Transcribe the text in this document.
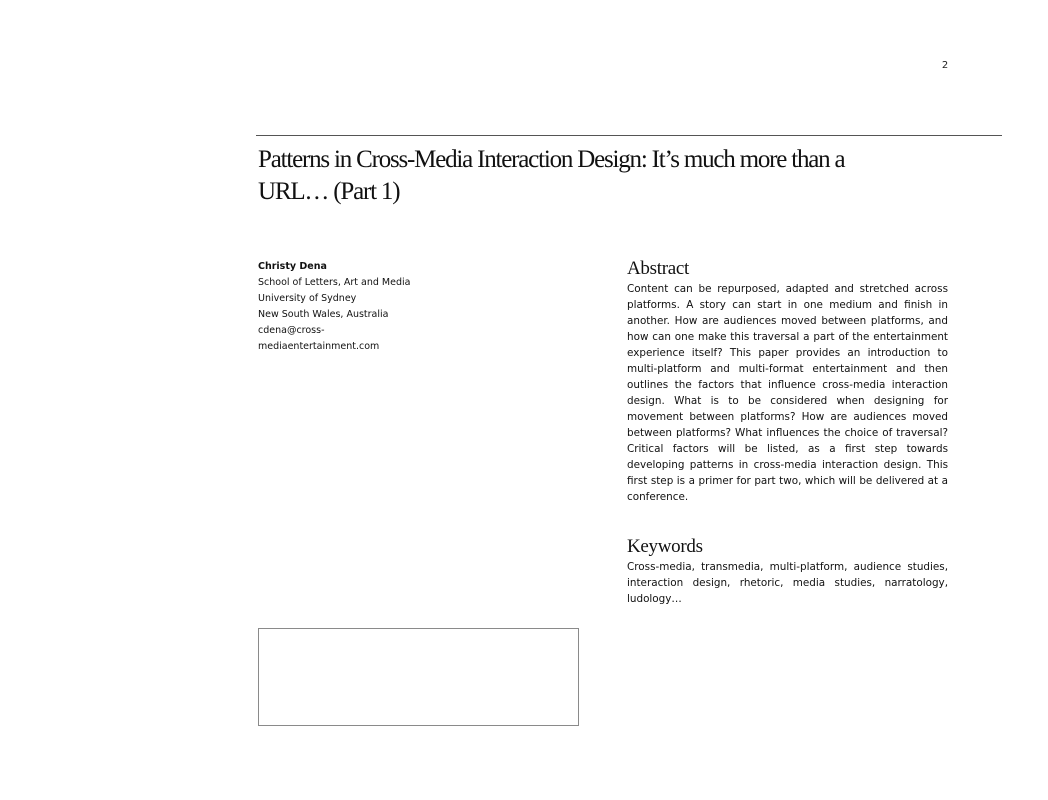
2
Patterns in Cross-Media Interaction Design: It’s much more than a URL… (Part 1)
Christy Dena
School of Letters, Art and Media
University of Sydney
New South Wales, Australia
cdena@cross-
mediaentertainment.com
Abstract

Content can be repurposed, adapted and stretched across platforms. A story can start in one medium and finish in another. How are audiences moved between platforms, and how can one make this traversal a part of the entertainment experience itself? This paper provides an introduction to multi-platform and multi-format entertainment and then outlines the factors that influence cross-media interaction design. What is to be considered when designing for movement between platforms? How are audiences moved between platforms? What influences the choice of traversal? Critical factors will be listed, as a first step towards developing patterns in cross-media interaction design. This first step is a primer for part two, which will be delivered at a conference.

Keywords

Cross-media, transmedia, multi-platform, audience studies, interaction design, rhetoric, media studies, narratology, ludology…
